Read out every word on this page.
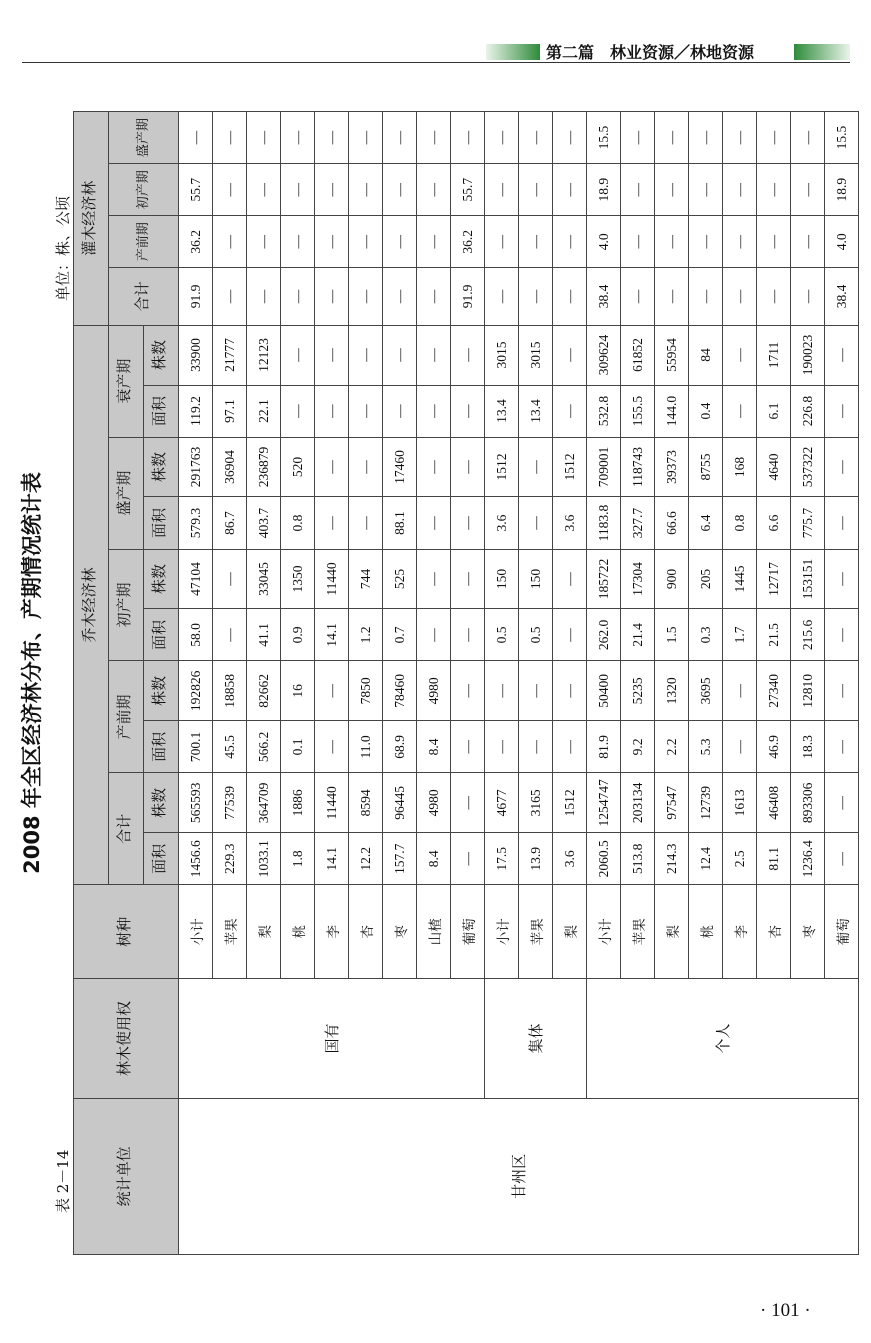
第二篇　林业资源／林地资源
2008 年全区经济林分布、产期情况统计表
表 2－14
单位：株、公顷
统计单位	林木使用权	树种	乔木经济林										灌木经济林			
			合计		产前期		初产期		盛产期		衰产期		合计	产前期	初产期	盛产期
			面积	株数	面积	株数	面积	株数	面积	株数	面积	株数				
甘州区	国有	小计	1456.6	565593	700.1	192826	58.0	47104	579.3	291763	119.2	33900	91.9	36.2	55.7	—
		苹果	229.3	77539	45.5	18858	—	—	86.7	36904	97.1	21777	—	—	—	—
		梨	1033.1	364709	566.2	82662	41.1	33045	403.7	236879	22.1	12123	—	—	—	—
		桃	1.8	1886	0.1	16	0.9	1350	0.8	520	—	—	—	—	—	—
		李	14.1	11440	—	—	14.1	11440	—	—	—	—	—	—	—	—
		杏	12.2	8594	11.0	7850	1.2	744	—	—	—	—	—	—	—	—
		枣	157.7	96445	68.9	78460	0.7	525	88.1	17460	—	—	—	—	—	—
		山楂	8.4	4980	8.4	4980	—	—	—	—	—	—	—	—	—	—
		葡萄	—	—	—	—	—	—	—	—	—	—	91.9	36.2	55.7	—
	集体	小计	17.5	4677	—	—	0.5	150	3.6	1512	13.4	3015	—	—	—	—
		苹果	13.9	3165	—	—	0.5	150	—	—	13.4	3015	—	—	—	—
		梨	3.6	1512	—	—	—	—	3.6	1512	—	—	—	—	—	—
	个人	小计	2060.5	1254747	81.9	50400	262.0	185722	1183.8	709001	532.8	309624	38.4	4.0	18.9	15.5
		苹果	513.8	203134	9.2	5235	21.4	17304	327.7	118743	155.5	61852	—	—	—	—
		梨	214.3	97547	2.2	1320	1.5	900	66.6	39373	144.0	55954	—	—	—	—
		桃	12.4	12739	5.3	3695	0.3	205	6.4	8755	0.4	84	—	—	—	—
		李	2.5	1613	—	—	1.7	1445	0.8	168	—	—	—	—	—	—
		杏	81.1	46408	46.9	27340	21.5	12717	6.6	4640	6.1	1711	—	—	—	—
		枣	1236.4	893306	18.3	12810	215.6	153151	775.7	537322	226.8	190023	—	—	—	—
		葡萄	—	—	—	—	—	—	—	—	—	—	38.4	4.0	18.9	15.5
· 101 ·
